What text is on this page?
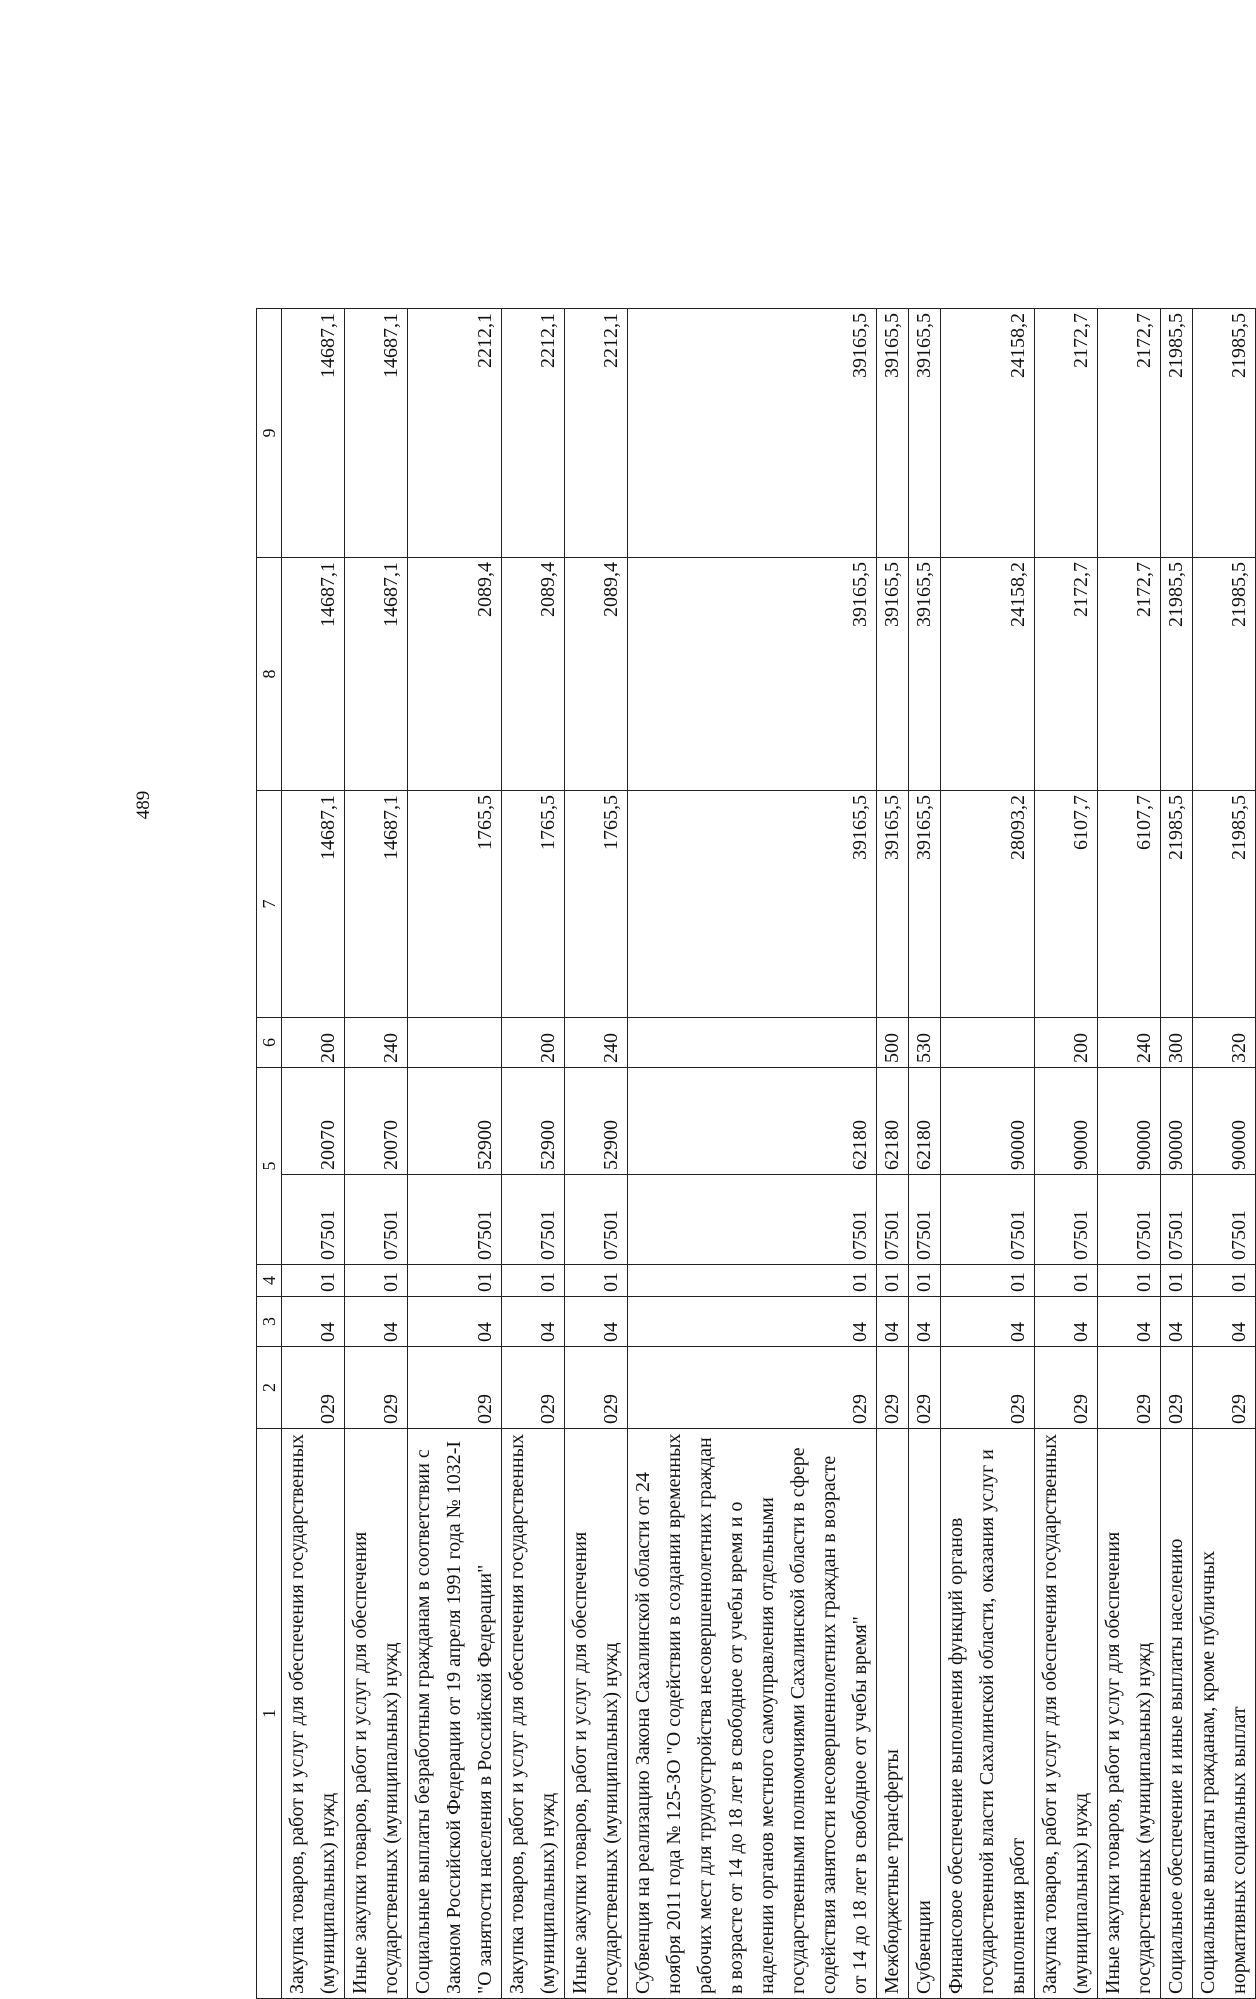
489
1	2	3	4	5		6	7	8	9
Закупка товаров, работ и услуг для обеспечения государственных (муниципальных) нужд	029	04	01	07501	20070	200	14687,1	14687,1	14687,1
Иные закупки товаров, работ и услуг для обеспечения государственных (муниципальных) нужд	029	04	01	07501	20070	240	14687,1	14687,1	14687,1
Социальные выплаты безработным гражданам в соответствии с Законом Российской Федерации от 19 апреля 1991 года № 1032-I "О занятости населения в Российской Федерации"	029	04	01	07501	52900		1765,5	2089,4	2212,1
Закупка товаров, работ и услуг для обеспечения государственных (муниципальных) нужд	029	04	01	07501	52900	200	1765,5	2089,4	2212,1
Иные закупки товаров, работ и услуг для обеспечения государственных (муниципальных) нужд	029	04	01	07501	52900	240	1765,5	2089,4	2212,1
Субвенция на реализацию Закона Сахалинской области от 24 ноября 2011 года № 125-ЗО "О содействии в создании временных рабочих мест для трудоустройства несовершеннолетних граждан в возрасте от 14 до 18 лет в свободное от учебы время и о наделении органов местного самоуправления отдельными государственными полномочиями Сахалинской области в сфере содействия занятости несовершеннолетних граждан в возрасте от 14 до 18 лет в свободное от учебы время"	029	04	01	07501	62180		39165,5	39165,5	39165,5
Межбюджетные трансферты	029	04	01	07501	62180	500	39165,5	39165,5	39165,5
Субвенции	029	04	01	07501	62180	530	39165,5	39165,5	39165,5
Финансовое обеспечение выполнения функций органов государственной власти Сахалинской области, оказания услуг и выполнения работ	029	04	01	07501	90000		28093,2	24158,2	24158,2
Закупка товаров, работ и услуг для обеспечения государственных (муниципальных) нужд	029	04	01	07501	90000	200	6107,7	2172,7	2172,7
Иные закупки товаров, работ и услуг для обеспечения государственных (муниципальных) нужд	029	04	01	07501	90000	240	6107,7	2172,7	2172,7
Социальное обеспечение и иные выплаты населению	029	04	01	07501	90000	300	21985,5	21985,5	21985,5
Социальные выплаты гражданам, кроме публичных нормативных социальных выплат	029	04	01	07501	90000	320	21985,5	21985,5	21985,5
